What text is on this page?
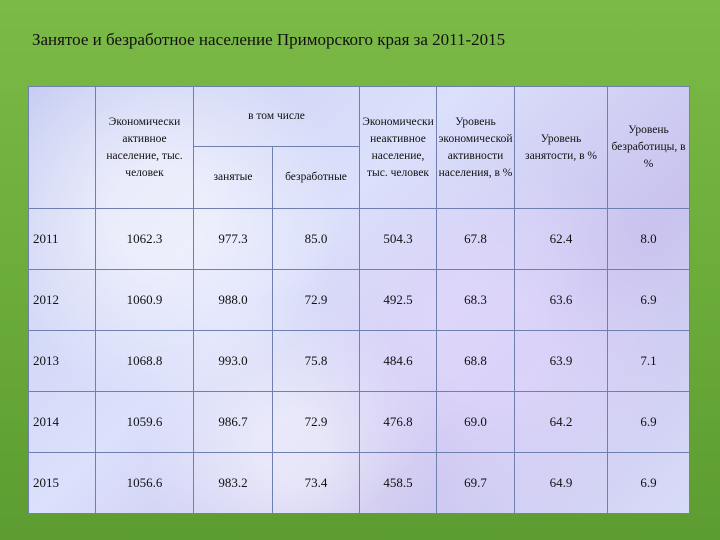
Занятое и безработное население Приморского края за 2011-2015
	Экономически активное население, тыс. человек	в том числе		Экономически неактивное население, тыс. человек	Уровень экономической активности населения, в %	Уровень занятости, в %	Уровень безработицы, в %
		занятые	безработные				
2011	1062.3	977.3	85.0	504.3	67.8	62.4	8.0
2012	1060.9	988.0	72.9	492.5	68.3	63.6	6.9
2013	1068.8	993.0	75.8	484.6	68.8	63.9	7.1
2014	1059.6	986.7	72.9	476.8	69.0	64.2	6.9
2015	1056.6	983.2	73.4	458.5	69.7	64.9	6.9
